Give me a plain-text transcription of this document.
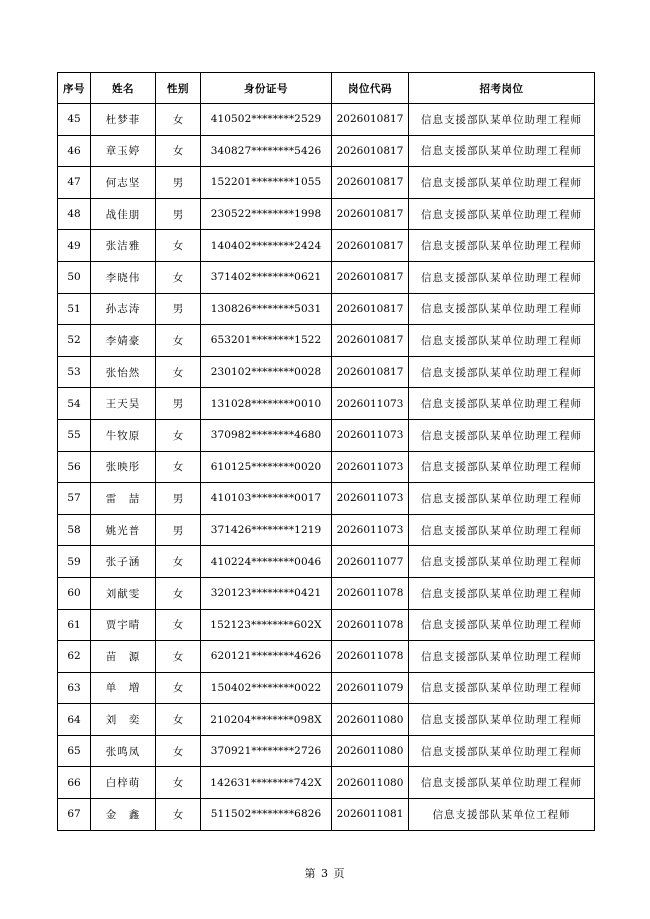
序号	姓名	性别	身份证号	岗位代码	招考岗位
45	杜梦菲	女	410502********2529	2026010817	信息支援部队某单位助理工程师
46	章玉婷	女	340827********5426	2026010817	信息支援部队某单位助理工程师
47	何志坚	男	152201********1055	2026010817	信息支援部队某单位助理工程师
48	战佳朋	男	230522********1998	2026010817	信息支援部队某单位助理工程师
49	张洁雅	女	140402********2424	2026010817	信息支援部队某单位助理工程师
50	李晓伟	女	371402********0621	2026010817	信息支援部队某单位助理工程师
51	孙志涛	男	130826********5031	2026010817	信息支援部队某单位助理工程师
52	李婧豪	女	653201********1522	2026010817	信息支援部队某单位助理工程师
53	张怡然	女	230102********0028	2026010817	信息支援部队某单位助理工程师
54	王天昊	男	131028********0010	2026011073	信息支援部队某单位助理工程师
55	牛牧原	女	370982********4680	2026011073	信息支援部队某单位助理工程师
56	张映彤	女	610125********0020	2026011073	信息支援部队某单位助理工程师
57	雷　喆	男	410103********0017	2026011073	信息支援部队某单位助理工程师
58	姚光普	男	371426********1219	2026011073	信息支援部队某单位助理工程师
59	张子涵	女	410224********0046	2026011077	信息支援部队某单位助理工程师
60	刘献雯	女	320123********0421	2026011078	信息支援部队某单位助理工程师
61	贾宇晴	女	152123********602X	2026011078	信息支援部队某单位助理工程师
62	苗　源	女	620121********4626	2026011078	信息支援部队某单位助理工程师
63	单　増	女	150402********0022	2026011079	信息支援部队某单位助理工程师
64	刘　奕	女	210204********098X	2026011080	信息支援部队某单位助理工程师
65	张鸣凤	女	370921********2726	2026011080	信息支援部队某单位助理工程师
66	白梓萌	女	142631********742X	2026011080	信息支援部队某单位助理工程师
67	金　鑫	女	511502********6826	2026011081	信息支援部队某单位工程师
第 3 页
